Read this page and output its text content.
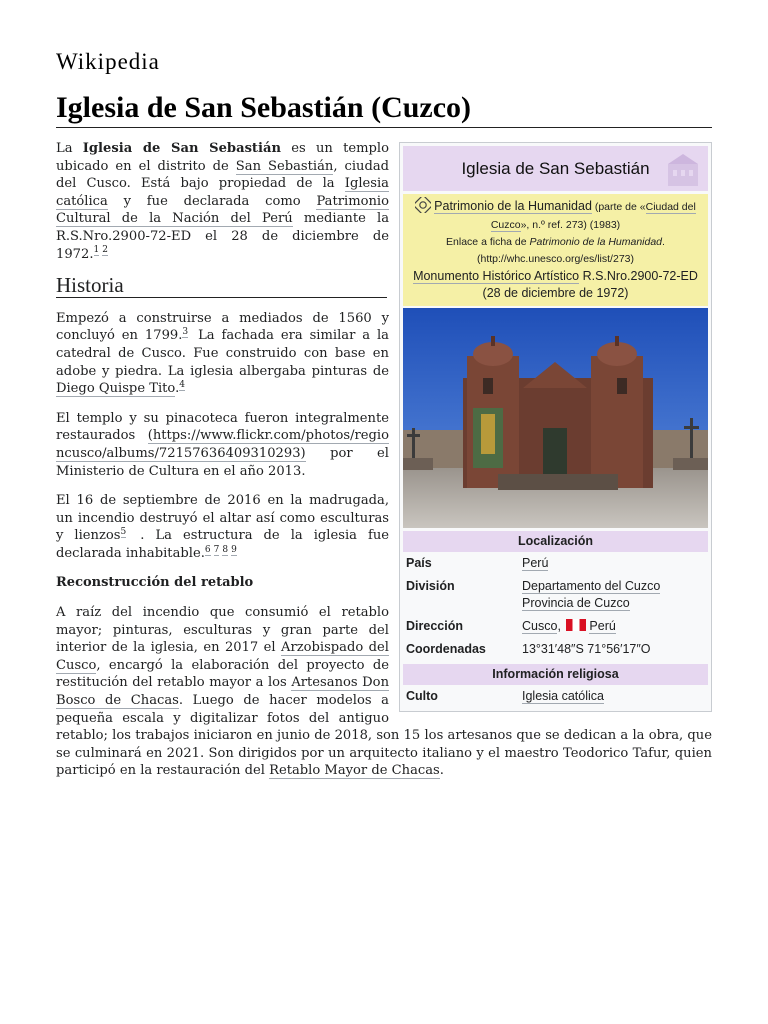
Wikipedia
Iglesia de San Sebastián (Cuzco)
Iglesia de San Sebastián
Patrimonio de la Humanidad (parte de «Ciudad del Cuzco», n.º ref. 273) (1983)
Enlace a ficha de Patrimonio de la Humanidad. (http://whc.unesco.org/es/list/273)
Monumento Histórico Artístico R.S.Nro.2900-72-ED (28 de diciembre de 1972)
Localización
País	Perú
División	Departamento del Cuzco
Provincia de Cuzco
Dirección	Cusco, Perú
Coordenadas	13°31′48″S 71°56′17″O
Información religiosa
Culto	Iglesia católica

La Iglesia de San Sebastián es un templo ubicado en el distrito de San Sebastián, ciudad del Cusco. Está bajo propiedad de la Iglesia católica y fue declarada como Patrimonio Cultural de la Nación del Perú mediante la R.S.Nro.2900-72-ED el 28 de diciembre de 1972.$^{1 2}$

Historia

Empezó a construirse a mediados de 1560 y concluyó en 1799.$^3$ La fachada era similar a la catedral de Cusco. Fue construido con base en adobe y piedra. La iglesia albergaba pinturas de Diego Quispe Tito.$^4$

El templo y su pinacoteca fueron integralmente restaurados (https://www.flickr.com/photos/regioncusco/albums/72157636409310293) por el Ministerio de Cultura en el año 2013.

El 16 de septiembre de 2016 en la madrugada, un incendio destruyó el altar así como esculturas y lienzos$^5$ . La estructura de la iglesia fue declarada inhabitable.$^{6 7 8 9}$

Reconstrucción del retablo

A raíz del incendio que consumió el retablo mayor; pinturas, esculturas y gran parte del interior de la iglesia, en 2017 el Arzobispado del Cusco, encargó la elaboración del proyecto de restitución del retablo mayor a los Artesanos Don Bosco de Chacas. Luego de hacer modelos a pequeña escala y digitalizar fotos del antiguo retablo; los trabajos iniciaron en junio de 2018, son 15 los artesanos que se dedican a la obra, que se culminará en 2021. Son dirigidos por un arquitecto italiano y el maestro Teodorico Tafur, quien participó en la restauración del Retablo Mayor de Chacas.
